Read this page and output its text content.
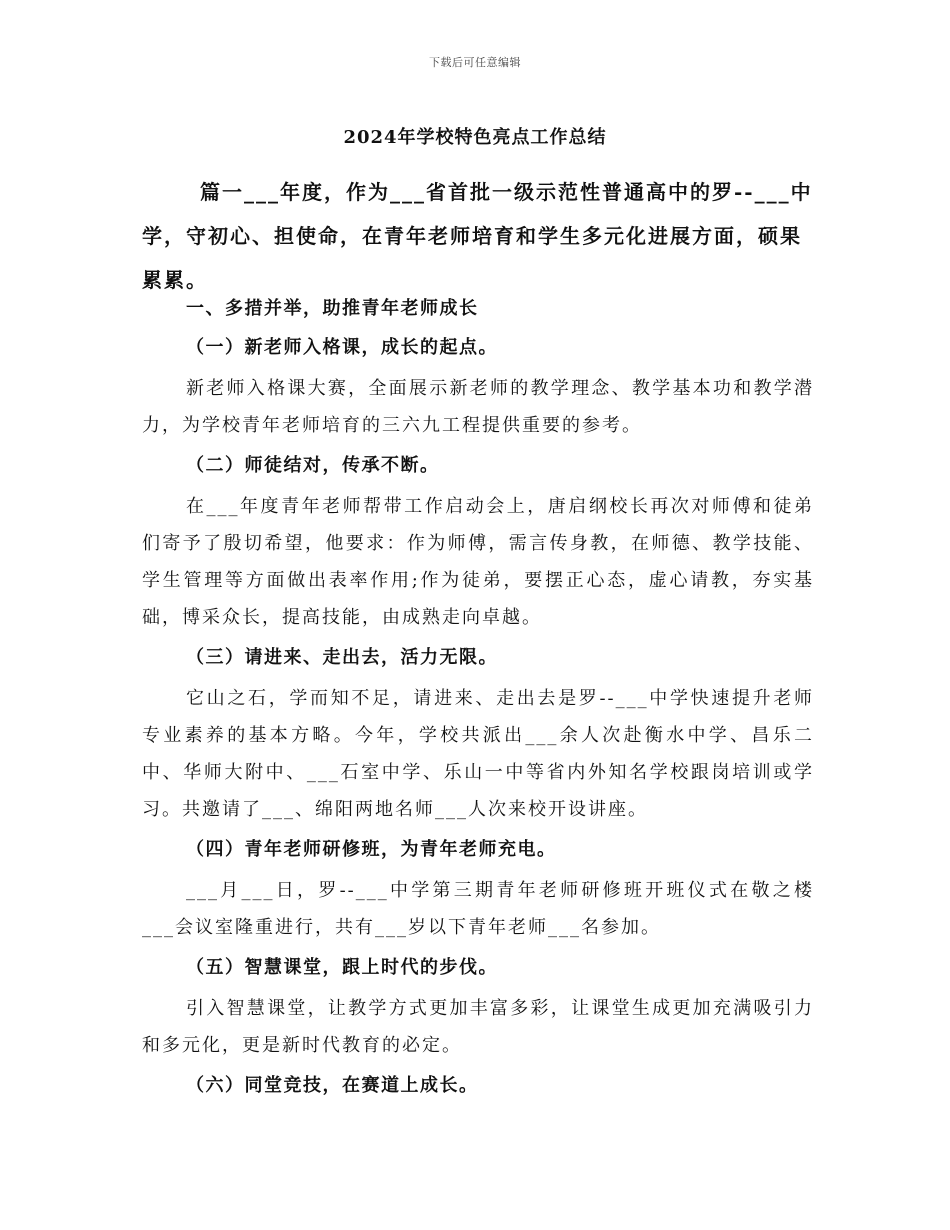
下载后可任意编辑
2024年学校特色亮点工作总结

篇一___年度，作为___省首批一级示范性普通高中的罗--___中学，守初心、担使命，在青年老师培育和学生多元化进展方面，硕果累累。

一、多措并举，助推青年老师成长

（一）新老师入格课，成长的起点。

新老师入格课大赛，全面展示新老师的教学理念、教学基本功和教学潜力，为学校青年老师培育的三六九工程提供重要的参考。

（二）师徒结对，传承不断。

在___年度青年老师帮带工作启动会上，唐启纲校长再次对师傅和徒弟们寄予了殷切希望，他要求：作为师傅，需言传身教，在师德、教学技能、学生管理等方面做出表率作用;作为徒弟，要摆正心态，虚心请教，夯实基础，博采众长，提高技能，由成熟走向卓越。

（三）请进来、走出去，活力无限。

它山之石，学而知不足，请进来、走出去是罗--___中学快速提升老师专业素养的基本方略。今年，学校共派出___余人次赴衡水中学、昌乐二中、华师大附中、___石室中学、乐山一中等省内外知名学校跟岗培训或学习。共邀请了___、绵阳两地名师___人次来校开设讲座。

（四）青年老师研修班，为青年老师充电。

___月___日，罗--___中学第三期青年老师研修班开班仪式在敬之楼___会议室隆重进行，共有___岁以下青年老师___名参加。

（五）智慧课堂，跟上时代的步伐。

引入智慧课堂，让教学方式更加丰富多彩，让课堂生成更加充满吸引力和多元化，更是新时代教育的必定。

（六）同堂竞技，在赛道上成长。
